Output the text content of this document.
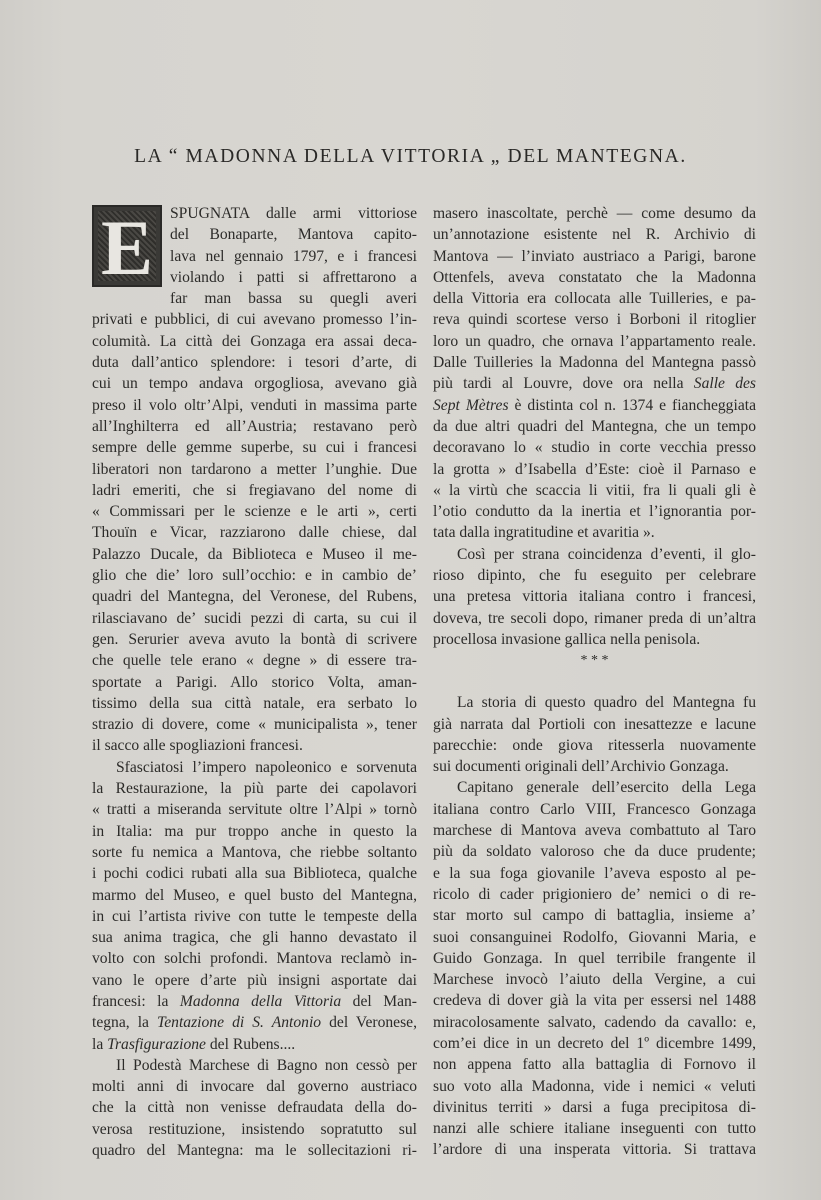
LA “ MADONNA DELLA VITTORIA „ DEL MANTEGNA.
E	SPUGNATA dalle armi vittoriose
del Bonaparte, Mantova capito-
lava nel gennaio 1797, e i francesi
violando i patti si affrettarono a
far man bassa su quegli averi
privati e pubblici, di cui avevano promesso l’in-
columità. La città dei Gonzaga era assai deca-
duta dall’antico splendore: i tesori d’arte, di
cui un tempo andava orgogliosa, avevano già
preso il volo oltr’Alpi, venduti in massima parte
all’Inghilterra ed all’Austria; restavano però
sempre delle gemme superbe, su cui i francesi
liberatori non tardarono a metter l’unghie. Due
ladri emeriti, che si fregiavano del nome di
« Commissari per le scienze e le arti », certi
Thouïn e Vicar, razziarono dalle chiese, dal
Palazzo Ducale, da Biblioteca e Museo il me-
glio che die’ loro sull’occhio: e in cambio de’
quadri del Mantegna, del Veronese, del Rubens,
rilasciavano de’ sucidi pezzi di carta, su cui il
gen. Serurier aveva avuto la bontà di scrivere
che quelle tele erano « degne » di essere tra-
sportate a Parigi. Allo storico Volta, aman-
tissimo della sua città natale, era serbato lo
strazio di dovere, come « municipalista », tener
il sacco alle spogliazioni francesi.
Sfasciatosi l’impero napoleonico e sorvenuta
la Restaurazione, la più parte dei capolavori
« tratti a miseranda servitute oltre l’Alpi » tornò
in Italia: ma pur troppo anche in questo la
sorte fu nemica a Mantova, che riebbe soltanto
i pochi codici rubati alla sua Biblioteca, qualche
marmo del Museo, e quel busto del Mantegna,
in cui l’artista rivive con tutte le tempeste della
sua anima tragica, che gli hanno devastato il
volto con solchi profondi. Mantova reclamò in-
vano le opere d’arte più insigni asportate dai
francesi: la Madonna della Vittoria del Man-
tegna, la Tentazione di S. Antonio del Veronese,
la Trasfigurazione del Rubens....
Il Podestà Marchese di Bagno non cessò per
molti anni di invocare dal governo austriaco
che la città non venisse defraudata della do-
verosa restituzione, insistendo sopratutto sul
quadro del Mantegna: ma le sollecitazioni ri-
masero inascoltate, perchè — come desumo da
un’annotazione esistente nel R. Archivio di
Mantova — l’inviato austriaco a Parigi, barone
Ottenfels, aveva constatato che la Madonna
della Vittoria era collocata alle Tuilleries, e pa-
reva quindi scortese verso i Borboni il ritoglier
loro un quadro, che ornava l’appartamento reale.
Dalle Tuilleries la Madonna del Mantegna passò
più tardi al Louvre, dove ora nella Salle des
Sept Mètres è distinta col n. 1374 e fiancheggiata
da due altri quadri del Mantegna, che un tempo
decoravano lo « studio in corte vecchia presso
la grotta » d’Isabella d’Este: cioè il Parnaso e
« la virtù che scaccia li vitii, fra li quali gli è
l’otio condutto da la inertia et l’ignorantia por-
tata dalla ingratitudine et avaritia ».
Così per strana coincidenza d’eventi, il glo-
rioso dipinto, che fu eseguito per celebrare
una pretesa vittoria italiana contro i francesi,
doveva, tre secoli dopo, rimaner preda di un’altra
procellosa invasione gallica nella penisola.
* * *
La storia di questo quadro del Mantegna fu
già narrata dal Portioli con inesattezze e lacune
parecchie: onde giova ritesserla nuovamente
sui documenti originali dell’Archivio Gonzaga.
Capitano generale dell’esercito della Lega
italiana contro Carlo VIII, Francesco Gonzaga
marchese di Mantova aveva combattuto al Taro
più da soldato valoroso che da duce prudente;
e la sua foga giovanile l’aveva esposto al pe-
ricolo di cader prigioniero de’ nemici o di re-
star morto sul campo di battaglia, insieme a’
suoi consanguinei Rodolfo, Giovanni Maria, e
Guido Gonzaga. In quel terribile frangente il
Marchese invocò l’aiuto della Vergine, a cui
credeva di dover già la vita per essersi nel 1488
miracolosamente salvato, cadendo da cavallo: e,
com’ei dice in un decreto del 1º dicembre 1499,
non appena fatto alla battaglia di Fornovo il
suo voto alla Madonna, vide i nemici « veluti
divinitus territi » darsi a fuga precipitosa di-
nanzi alle schiere italiane inseguenti con tutto
l’ardore di una insperata vittoria. Si trattava
